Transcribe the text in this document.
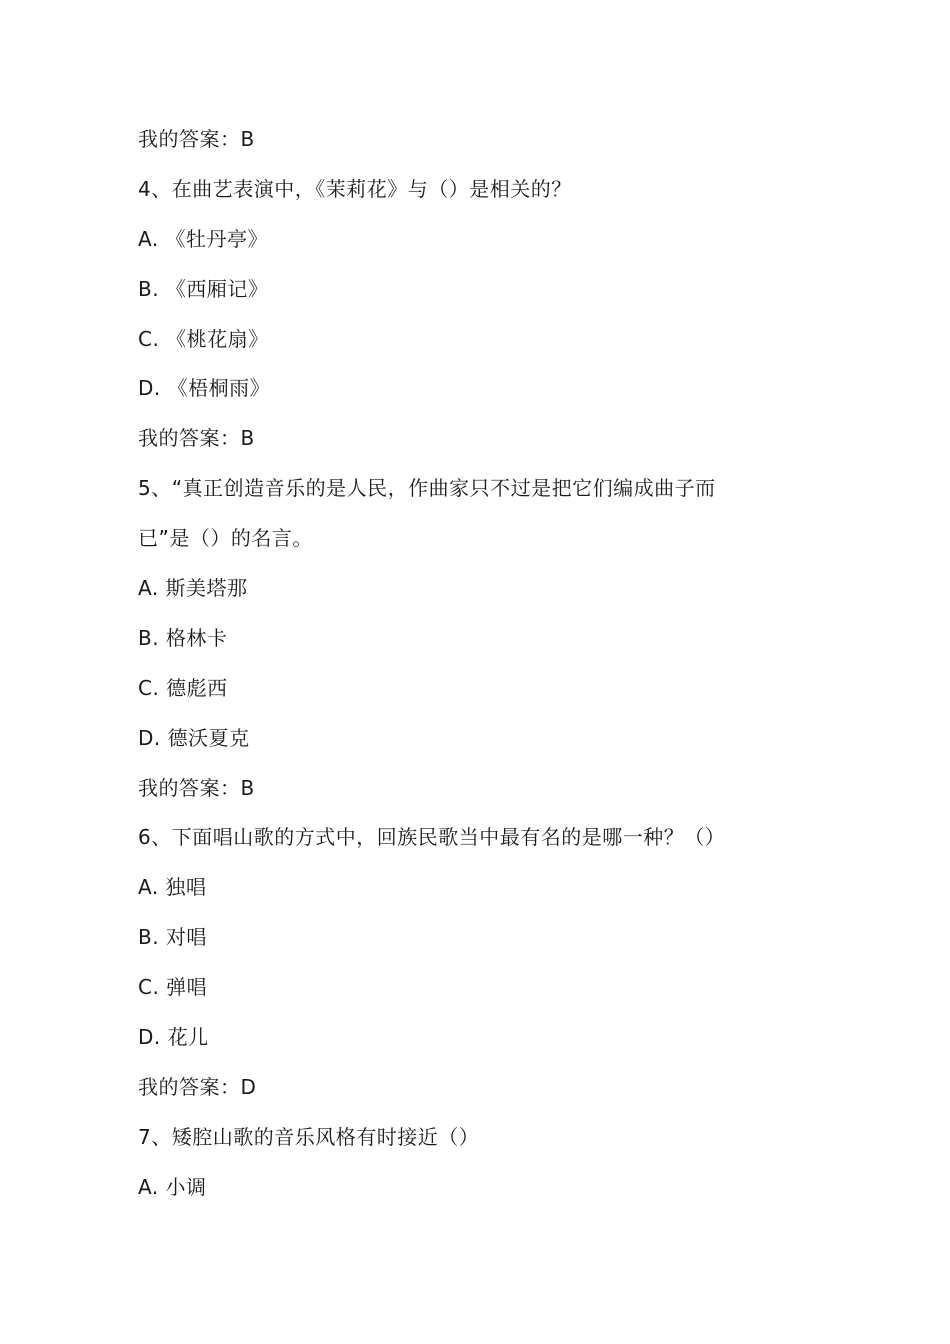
我的答案：B
4、在曲艺表演中，《茉莉花》与（）是相关的？
A. 《牡丹亭》
B. 《西厢记》
C. 《桃花扇》
D. 《梧桐雨》
我的答案：B
5、“真正创造音乐的是人民，作曲家只不过是把它们编成曲子而
已”是（）的名言。
A. 斯美塔那
B. 格林卡
C. 德彪西
D. 德沃夏克
我的答案：B
6、下面唱山歌的方式中，回族民歌当中最有名的是哪一种？（）
A. 独唱
B. 对唱
C. 弹唱
D. 花儿
我的答案：D
7、矮腔山歌的音乐风格有时接近（）
A. 小调
